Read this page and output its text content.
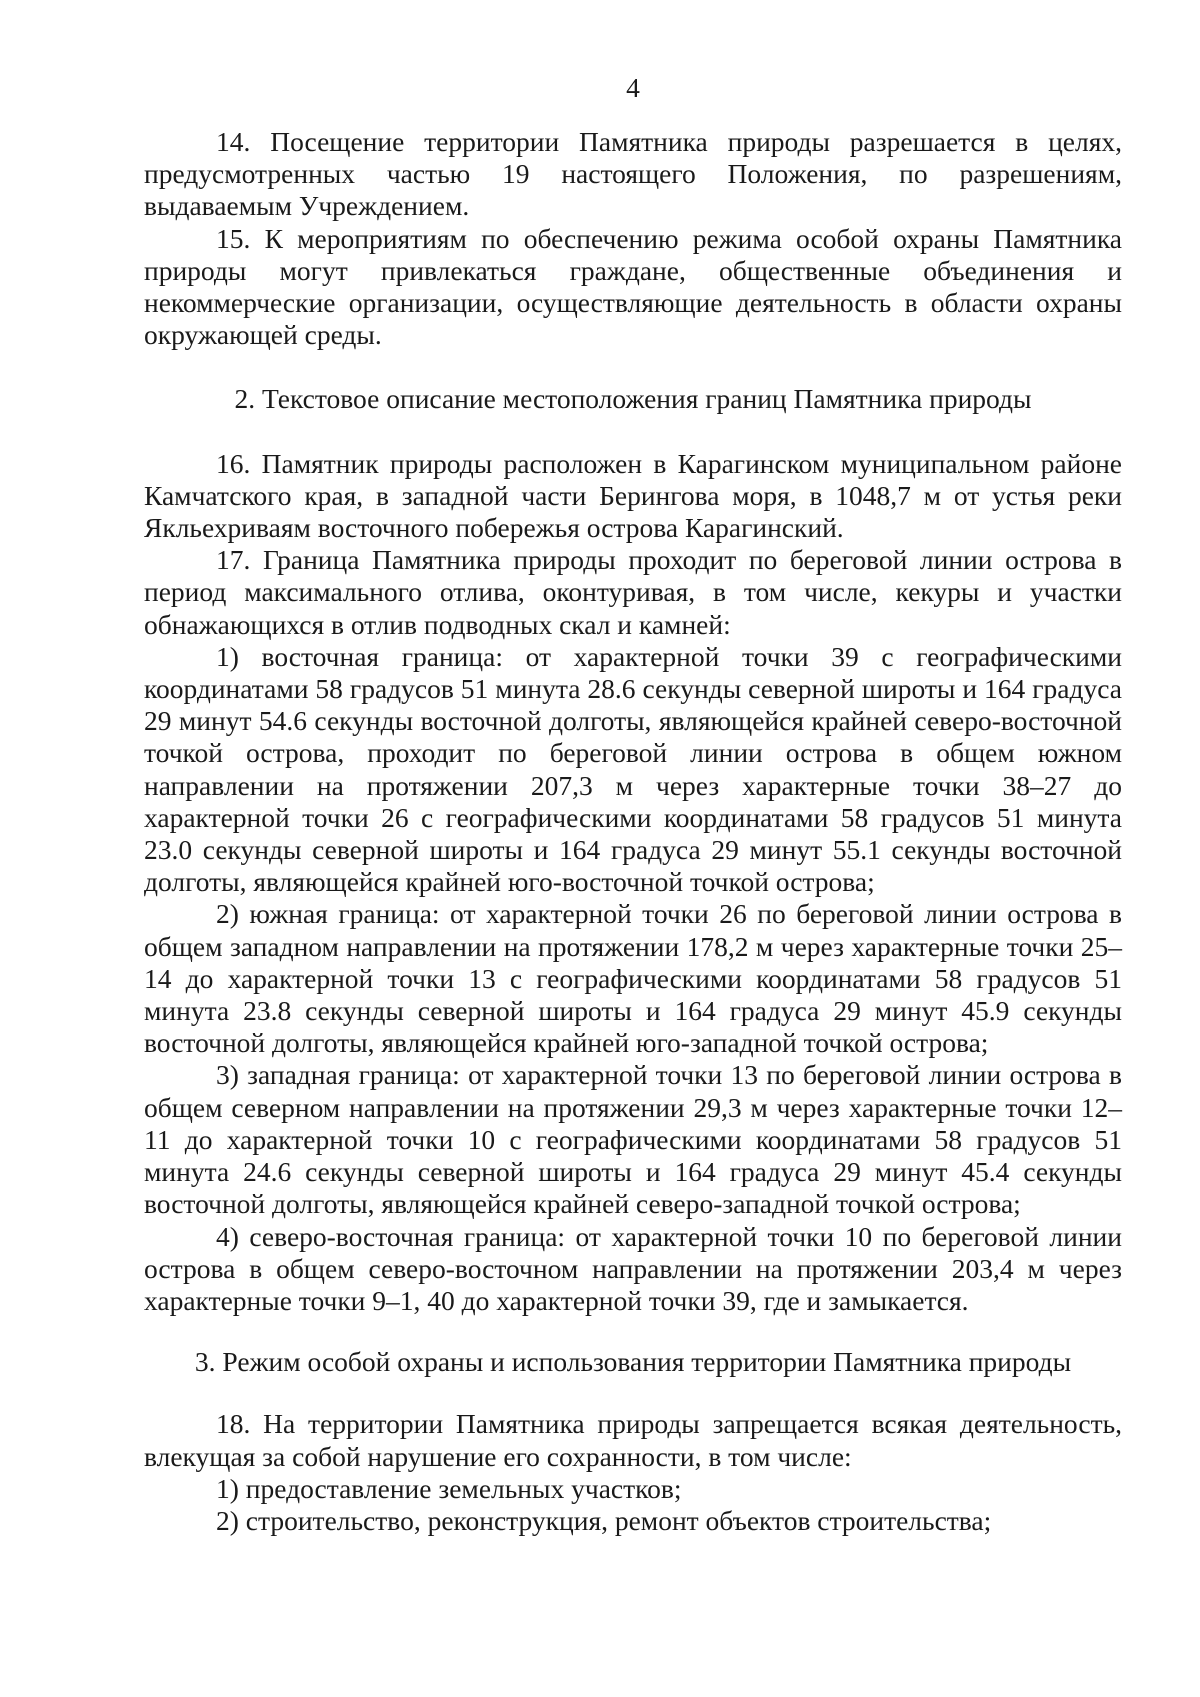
4

14. Посещение территории Памятника природы разрешается в целях, предусмотренных частью 19 настоящего Положения, по разрешениям, выдаваемым Учреждением.

15. К мероприятиям по обеспечению режима особой охраны Памятника природы могут привлекаться граждане, общественные объединения и некоммерческие организации, осуществляющие деятельность в области охраны окружающей среды.

2. Текстовое описание местоположения границ Памятника природы

16. Памятник природы расположен в Карагинском муниципальном районе Камчатского края, в западной части Берингова моря, в 1048,7 м от устья реки Якльехриваям восточного побережья острова Карагинский.

17. Граница Памятника природы проходит по береговой линии острова в период максимального отлива, оконтуривая, в том числе, кекуры и участки обнажающихся в отлив подводных скал и камней:

1) восточная граница: от характерной точки 39 с географическими координатами 58 градусов 51 минута 28.6 секунды северной широты и 164 градуса 29 минут 54.6 секунды восточной долготы, являющейся крайней северо-восточной точкой острова, проходит по береговой линии острова в общем южном направлении на протяжении 207,3 м через характерные точки 38–27 до характерной точки 26 с географическими координатами 58 градусов 51 минута 23.0 секунды северной широты и 164 градуса 29 минут 55.1 секунды восточной долготы, являющейся крайней юго-восточной точкой острова;

2) южная граница: от характерной точки 26 по береговой линии острова в общем западном направлении на протяжении 178,2 м через характерные точки 25–14 до характерной точки 13 с географическими координатами 58 градусов 51 минута 23.8 секунды северной широты и 164 градуса 29 минут 45.9 секунды восточной долготы, являющейся крайней юго-западной точкой острова;

3) западная граница: от характерной точки 13 по береговой линии острова в общем северном направлении на протяжении 29,3 м через характерные точки 12–11 до характерной точки 10 с географическими координатами 58 градусов 51 минута 24.6 секунды северной широты и 164 градуса 29 минут 45.4 секунды восточной долготы, являющейся крайней северо-западной точкой острова;

4) северо-восточная граница: от характерной точки 10 по береговой линии острова в общем северо-восточном направлении на протяжении 203,4 м через характерные точки 9–1, 40 до характерной точки 39, где и замыкается.

3. Режим особой охраны и использования территории Памятника природы

18. На территории Памятника природы запрещается всякая деятельность, влекущая за собой нарушение его сохранности, в том числе:

1) предоставление земельных участков;

2) строительство, реконструкция, ремонт объектов строительства;
